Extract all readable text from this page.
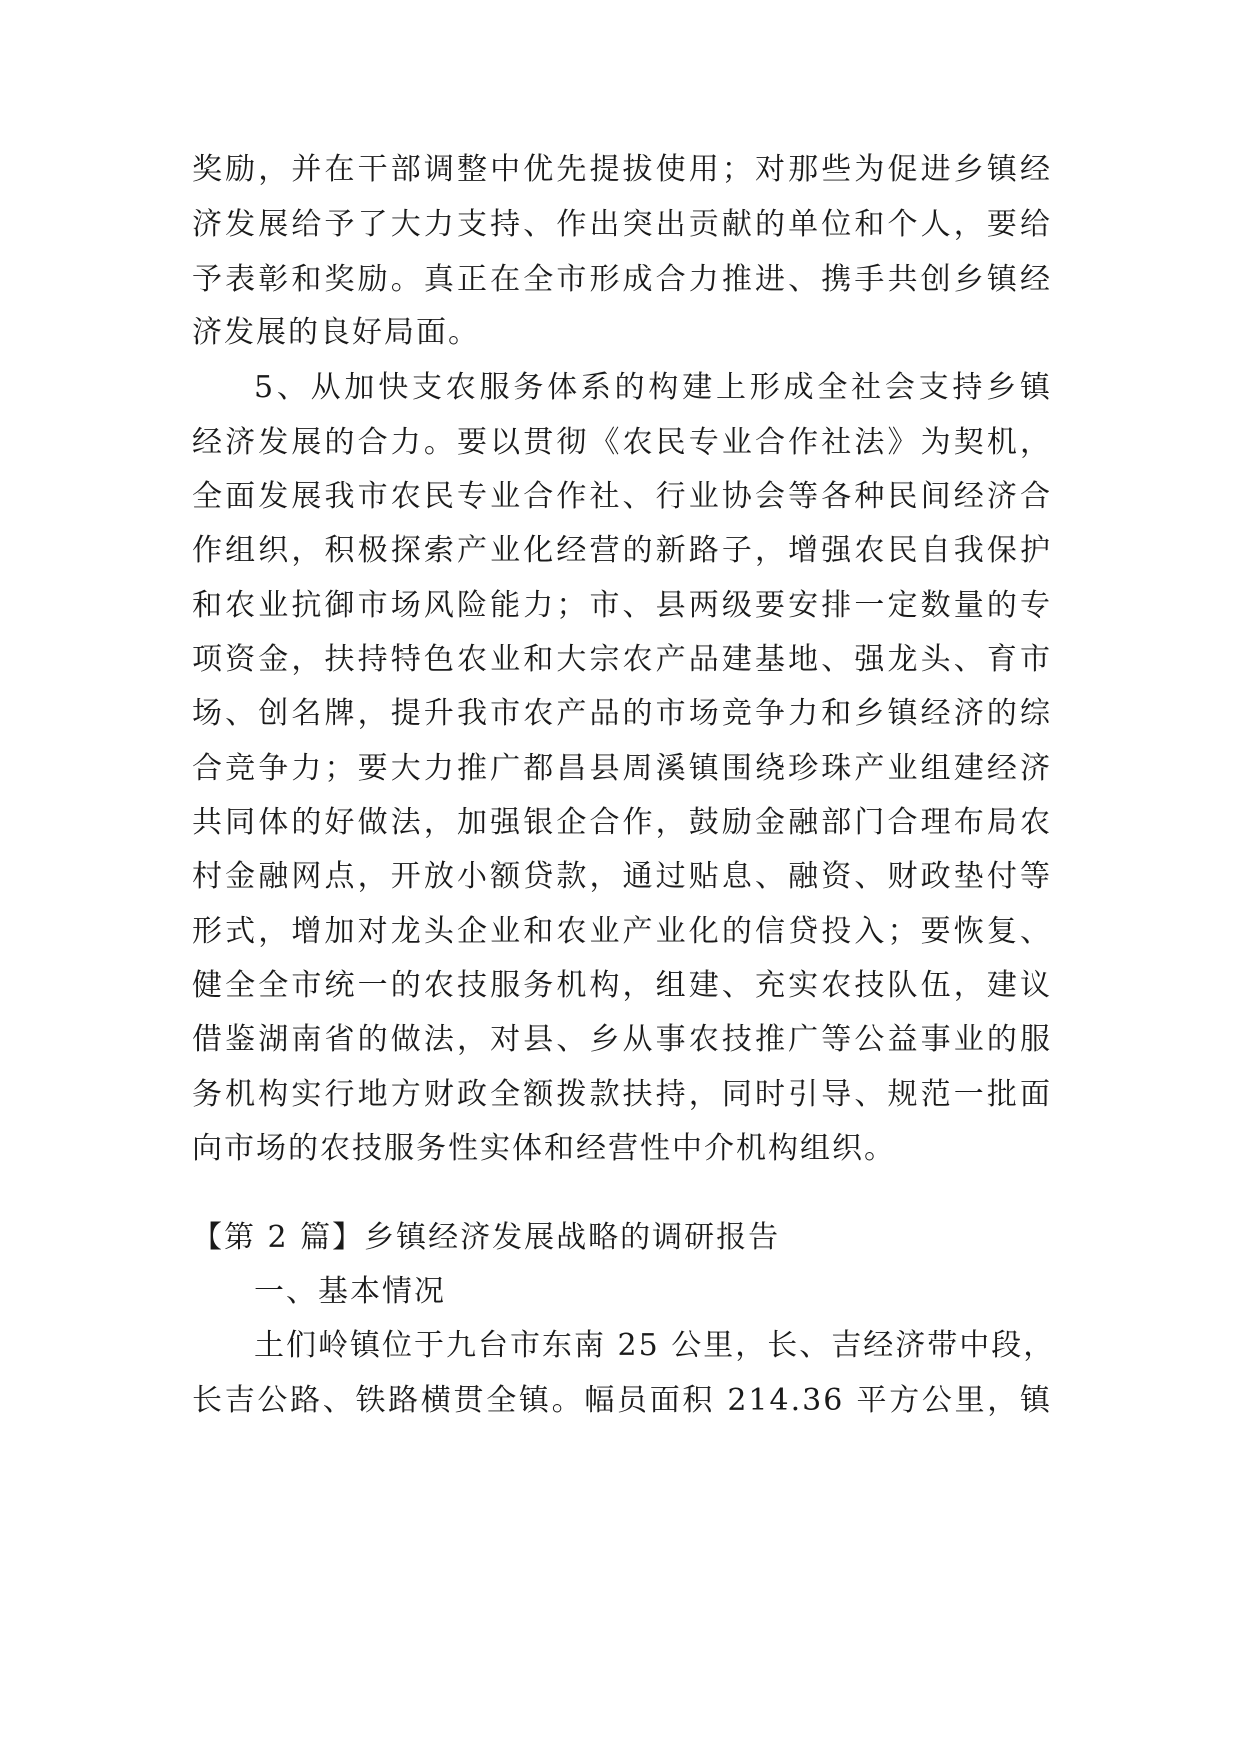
奖励，并在干部调整中优先提拔使用；对那些为促进乡镇经
济发展给予了大力支持、作出突出贡献的单位和个人，要给
予表彰和奖励。真正在全市形成合力推进、携手共创乡镇经
济发展的良好局面。
5、从加快支农服务体系的构建上形成全社会支持乡镇
经济发展的合力。要以贯彻《农民专业合作社法》为契机，
全面发展我市农民专业合作社、行业协会等各种民间经济合
作组织，积极探索产业化经营的新路子，增强农民自我保护
和农业抗御市场风险能力；市、县两级要安排一定数量的专
项资金，扶持特色农业和大宗农产品建基地、强龙头、育市
场、创名牌，提升我市农产品的市场竞争力和乡镇经济的综
合竞争力；要大力推广都昌县周溪镇围绕珍珠产业组建经济
共同体的好做法，加强银企合作，鼓励金融部门合理布局农
村金融网点，开放小额贷款，通过贴息、融资、财政垫付等
形式，增加对龙头企业和农业产业化的信贷投入；要恢复、
健全全市统一的农技服务机构，组建、充实农技队伍，建议
借鉴湖南省的做法，对县、乡从事农技推广等公益事业的服
务机构实行地方财政全额拨款扶持，同时引导、规范一批面
向市场的农技服务性实体和经营性中介机构组织。
【第 2 篇】乡镇经济发展战略的调研报告
一、基本情况
土们岭镇位于九台市东南 25 公里，长、吉经济带中段，
长吉公路、铁路横贯全镇。幅员面积 214.36 平方公里，镇
